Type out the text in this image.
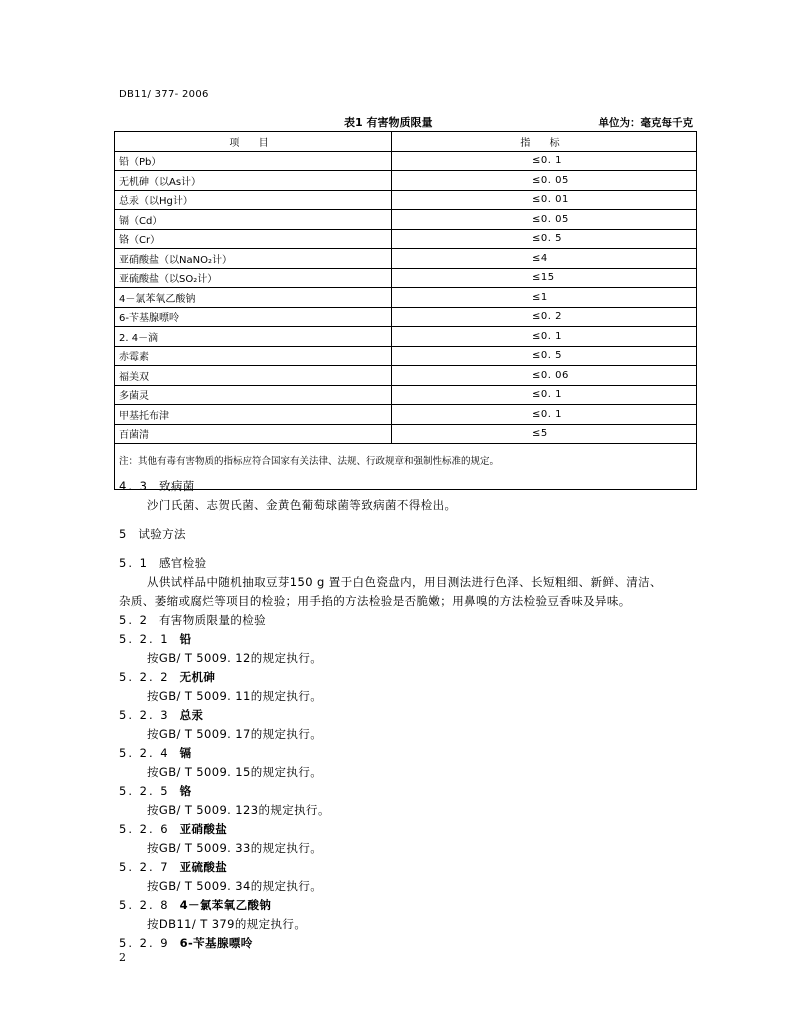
DB11/ 377- 2006
表1 有害物质限量	单位为：毫克每千克
项 目	指 标
铅（Pb）	≤0. 1
无机砷（以As计）	≤0. 05
总汞（以Hg计）	≤0. 01
镉（Cd）	≤0. 05
铬（Cr）	≤0. 5
亚硝酸盐（以NaNO₂计）	≤4
亚硫酸盐（以SO₂计）	≤15
4－氯苯氧乙酸钠	≤1
6-苄基腺嘌呤	≤0. 2
2. 4－滴	≤0. 1
赤霉素	≤0. 5
福美双	≤0. 06
多菌灵	≤0. 1
甲基托布津	≤0. 1
百菌清	≤5
注：其他有毒有害物质的指标应符合国家有关法律、法规、行政规章和强制性标准的规定。	
4. 3 致病菌
沙门氏菌、志贺氏菌、金黄色葡萄球菌等致病菌不得检出。
5 试验方法
5. 1 感官检验
从供试样品中随机抽取豆芽150 g 置于白色瓷盘内，用目测法进行色泽、长短粗细、新鲜、清洁、
杂质、萎缩或腐烂等项目的检验；用手掐的方法检验是否脆嫩；用鼻嗅的方法检验豆香味及异味。
5. 2 有害物质限量的检验
5. 2. 1 铅
按GB/ T 5009. 12的规定执行。
5. 2. 2 无机砷
按GB/ T 5009. 11的规定执行。
5. 2. 3 总汞
按GB/ T 5009. 17的规定执行。
5. 2. 4 镉
按GB/ T 5009. 15的规定执行。
5. 2. 5 铬
按GB/ T 5009. 123的规定执行。
5. 2. 6 亚硝酸盐
按GB/ T 5009. 33的规定执行。
5. 2. 7 亚硫酸盐
按GB/ T 5009. 34的规定执行。
5. 2. 8 4－氯苯氧乙酸钠
按DB11/ T 379的规定执行。
5. 2. 9 6-苄基腺嘌呤
2
